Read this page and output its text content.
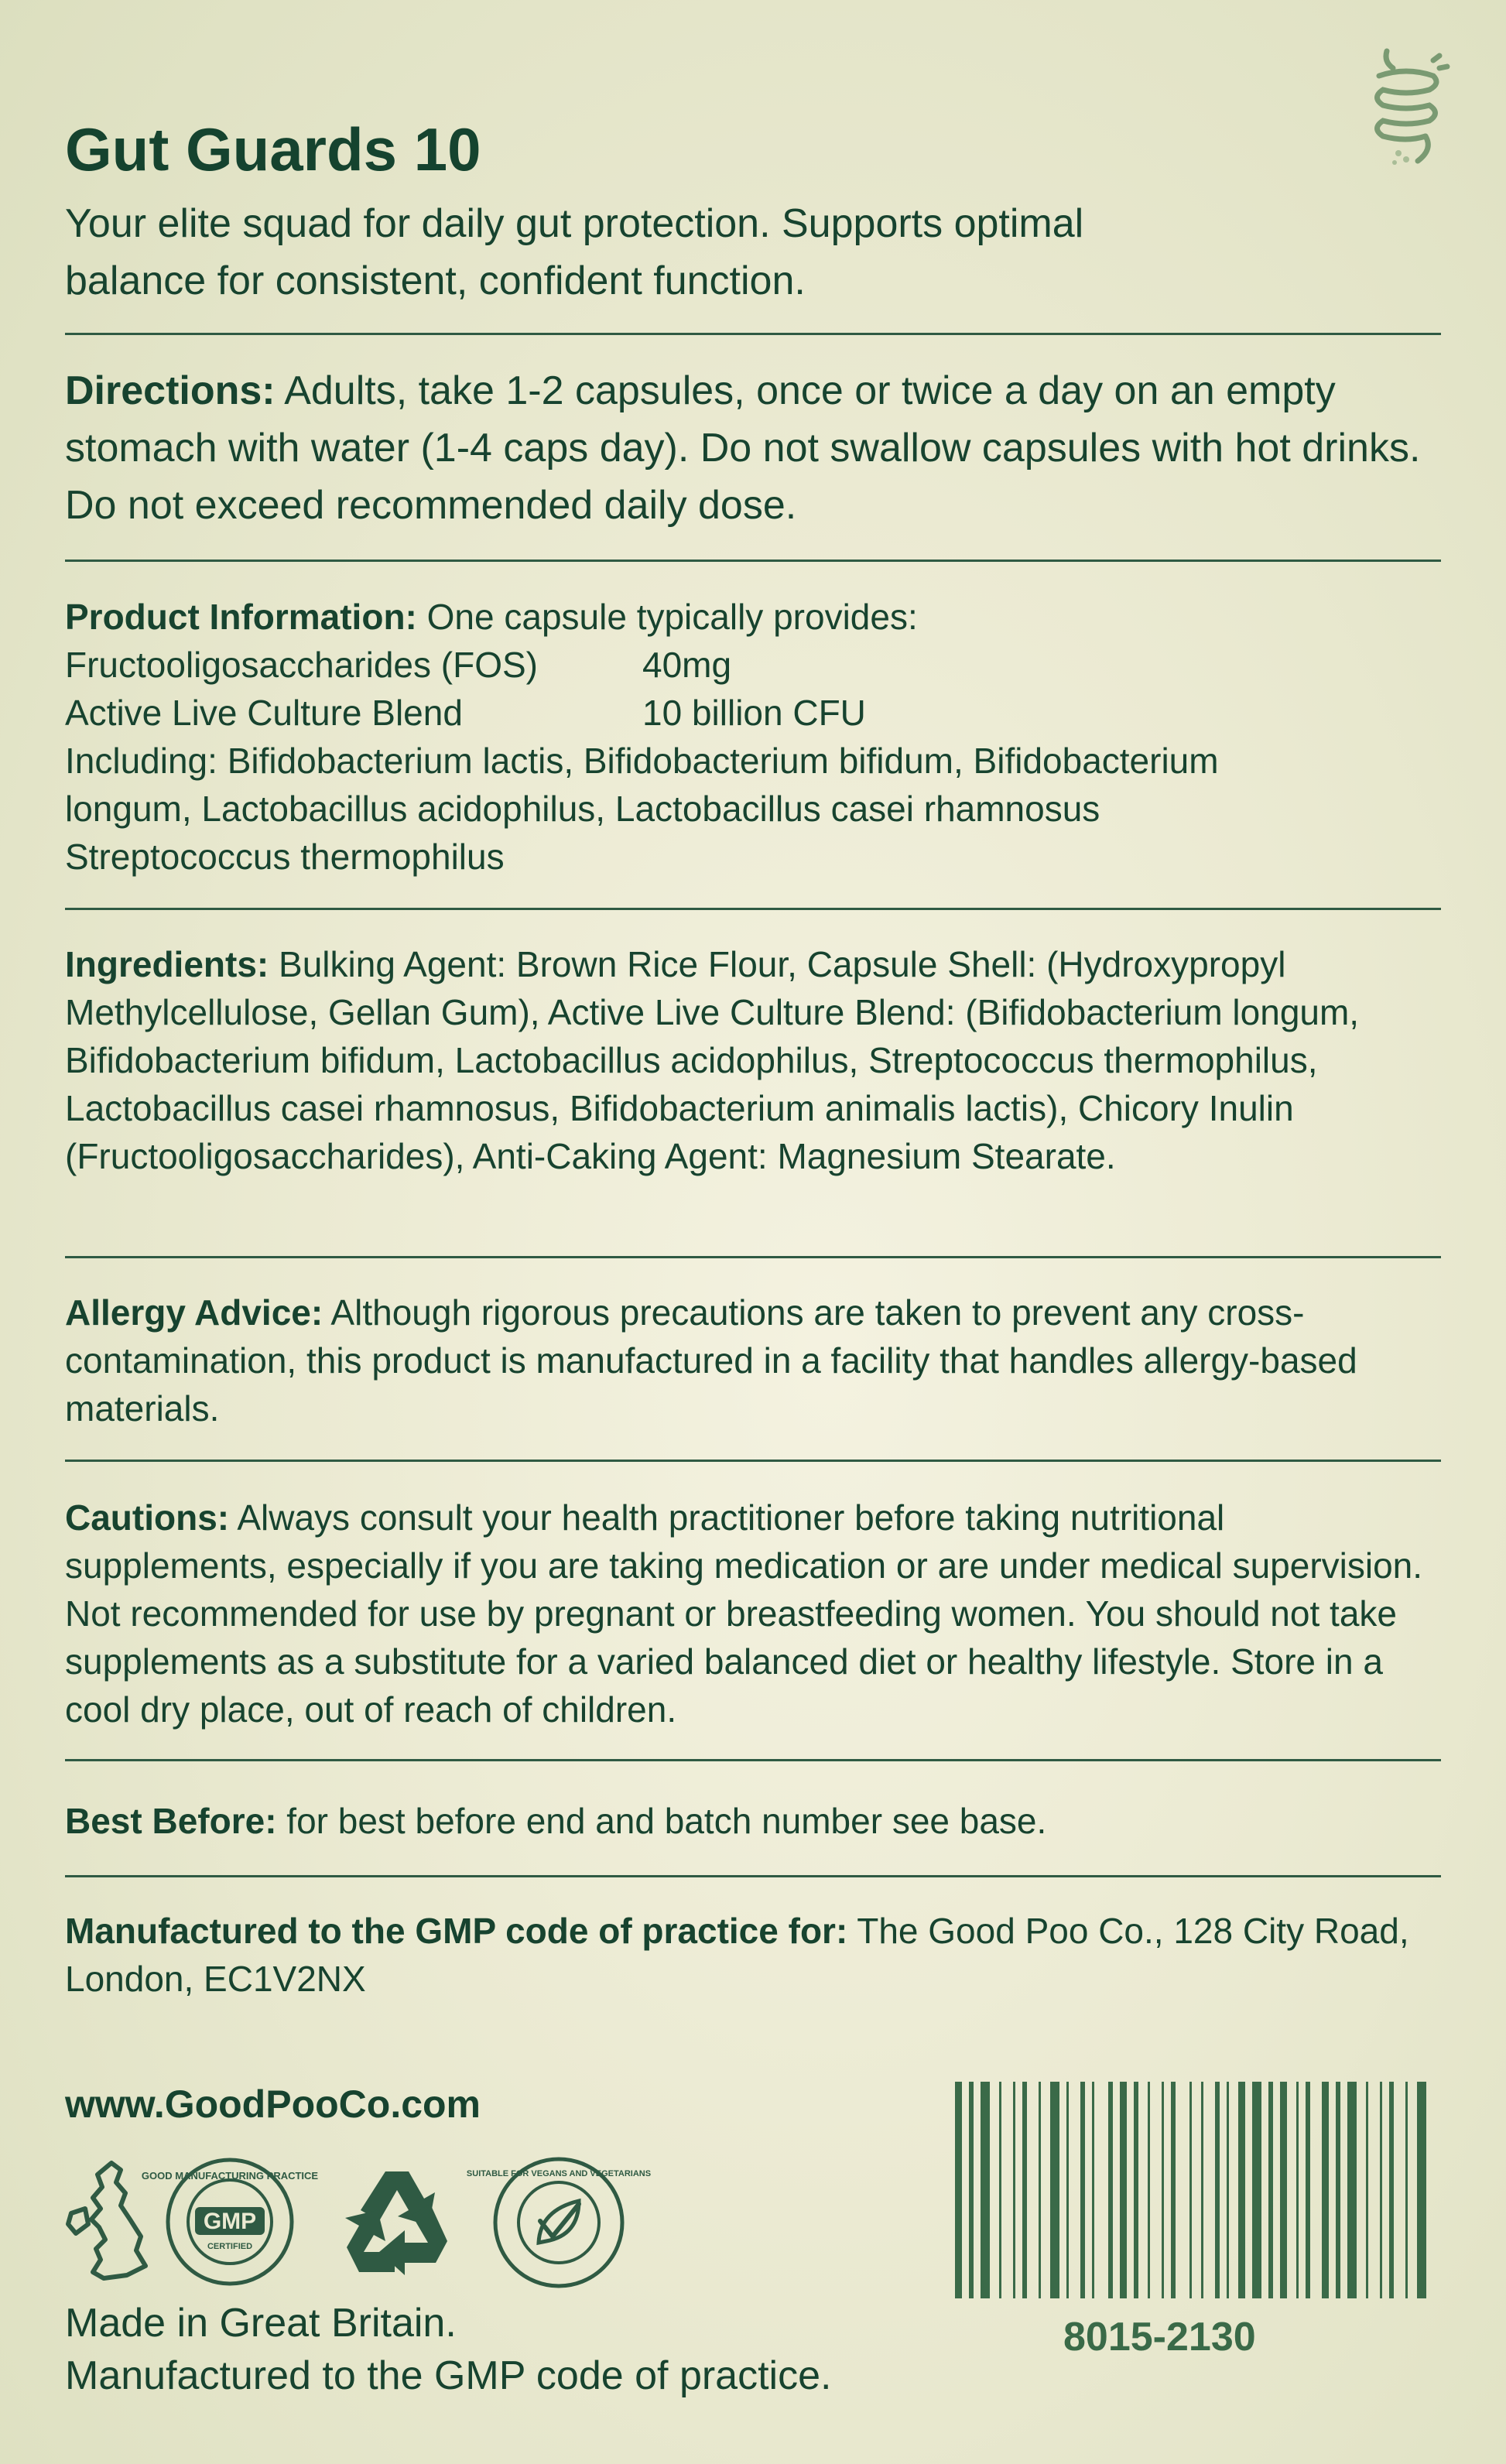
Gut Guards 10

Your elite squad for daily gut protection. Supports optimal balance for consistent, confident function.

Directions: Adults, take 1-2 capsules, once or twice a day on an empty stomach with water (1-4 caps day). Do not swallow capsules with hot drinks. Do not exceed recommended daily dose.

Product Information: One capsule typically provides:
Fructooligosaccharides (FOS)	40mg
Active Live Culture Blend	10 billion CFU
Including: Bifidobacterium lactis, Bifidobacterium bifidum, Bifidobacterium longum, Lactobacillus acidophilus, Lactobacillus casei rhamnosus Streptococcus thermophilus

Ingredients: Bulking Agent: Brown Rice Flour, Capsule Shell: (Hydroxypropyl Methylcellulose, Gellan Gum), Active Live Culture Blend: (Bifidobacterium longum, Bifidobacterium bifidum, Lactobacillus acidophilus, Streptococcus thermophilus, Lactobacillus casei rhamnosus, Bifidobacterium animalis lactis), Chicory Inulin (Fructooligosaccharides), Anti-Caking Agent: Magnesium Stearate.

Allergy Advice: Although rigorous precautions are taken to prevent any cross-contamination, this product is manufactured in a facility that handles allergy-based materials.

Cautions: Always consult your health practitioner before taking nutritional supplements, especially if you are taking medication or are under medical supervision. Not recommended for use by pregnant or breastfeeding women. You should not take supplements as a substitute for a varied balanced diet or healthy lifestyle. Store in a cool dry place, out of reach of children.

Best Before: for best before end and batch number see base.

Manufactured to the GMP code of practice for: The Good Poo Co., 128 City Road, London, EC1V2NX

www.GoodPooCo.com

GOOD MANUFACTURING PRACTICE
GMP
CERTIFIED
SUITABLE FOR VEGANS AND VEGETARIANS
Made in Great Britain.
Manufactured to the GMP code of practice.
8015-2130
